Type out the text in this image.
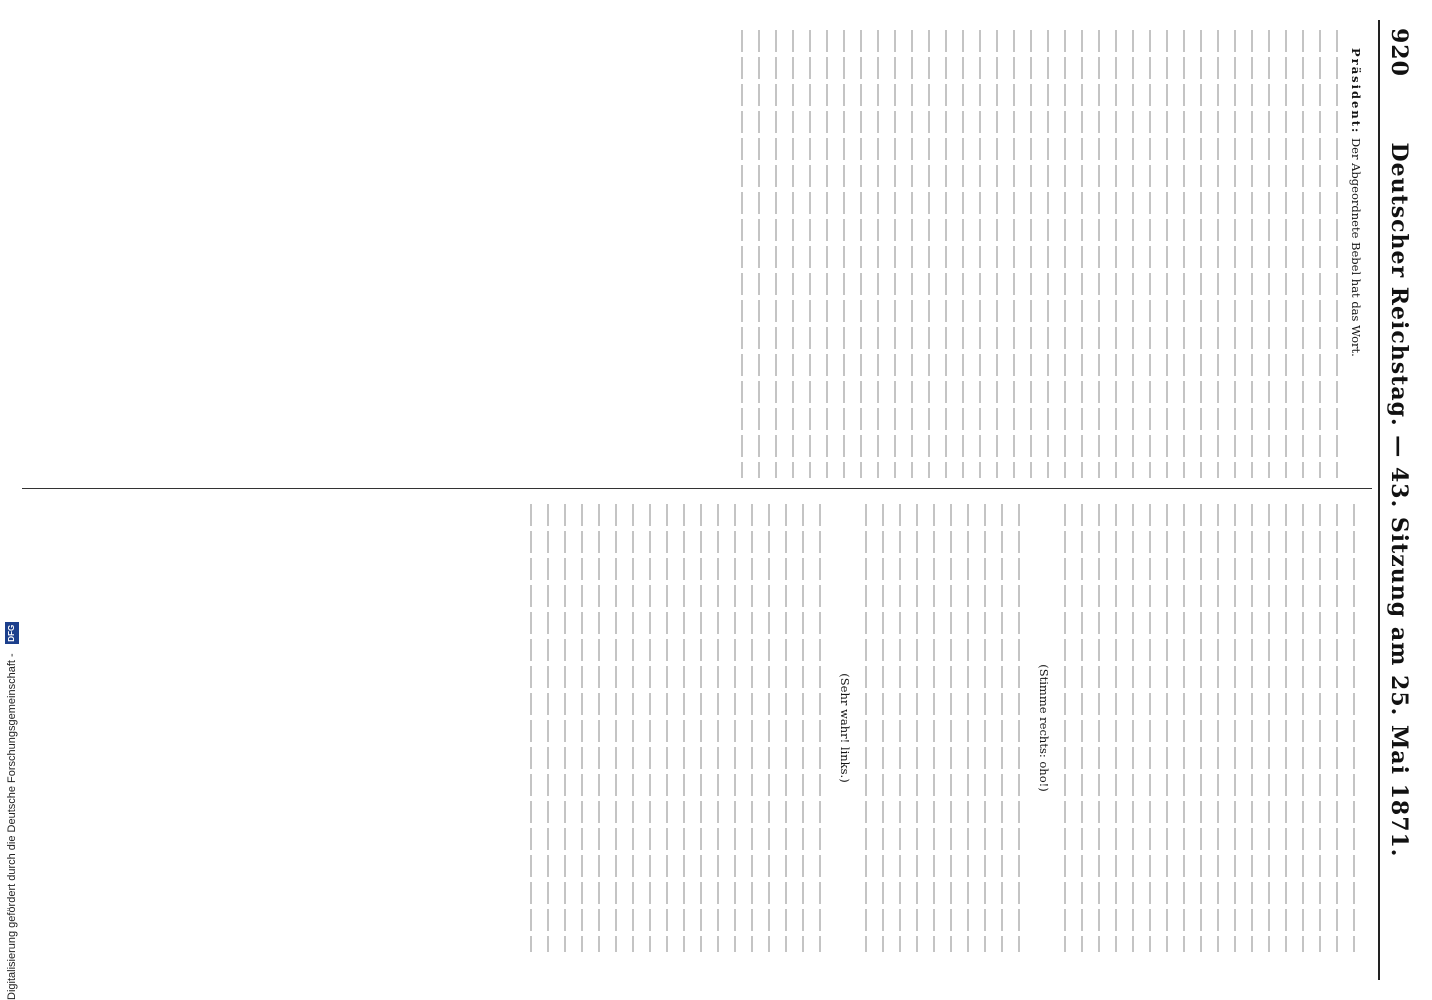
920
Deutscher Reichstag. — 43. Sitzung am 25. Mai 1871.

Präsident: Der Abgeordnete Bebel hat das Wort.

(Stimme rechts: oho!)

(Sehr wahr! links.)

Digitalisierung gefördert durch die Deutsche Forschungsgemeinschaft - DFG
